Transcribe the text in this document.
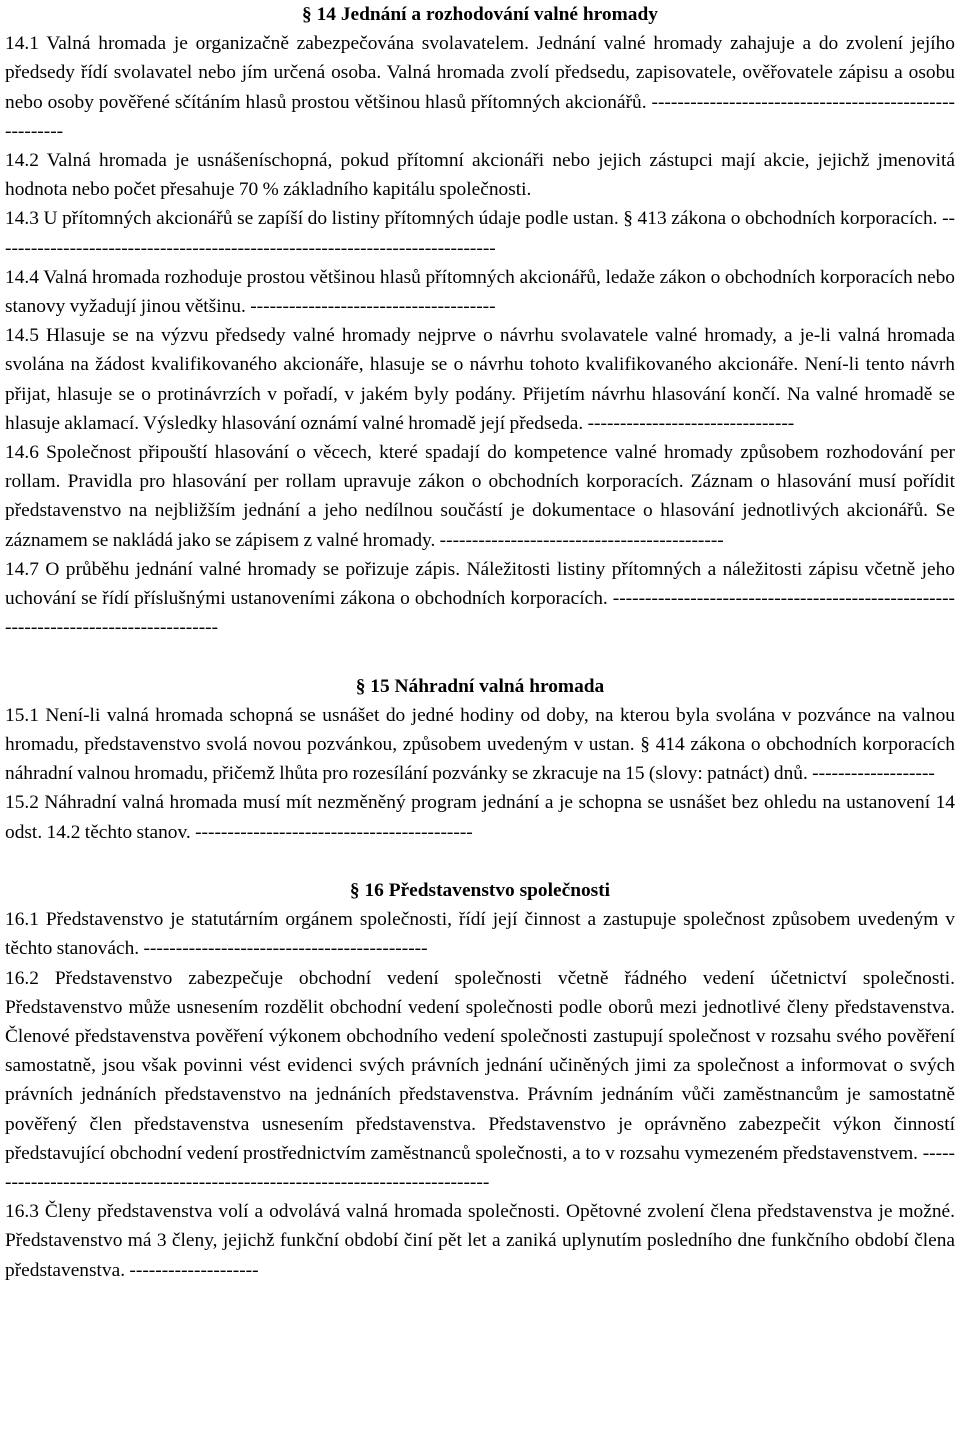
§ 14 Jednání a rozhodování valné hromady
14.1 Valná hromada je organizačně zabezpečována svolavatelem. Jednání valné hromady zahajuje a do zvolení jejího předsedy řídí svolavatel nebo jím určená osoba. Valná hromada zvolí předsedu, zapisovatele, ověřovatele zápisu a osobu nebo osoby pověřené sčítáním hlasů prostou většinou hlasů přítomných akcionářů. --------------------------------------------------------
14.2 Valná hromada je usnášeníschopná, pokud přítomní akcionáři nebo jejich zástupci mají akcie, jejichž jmenovitá hodnota nebo počet přesahuje 70 % základního kapitálu společnosti.
14.3 U přítomných akcionářů se zapíší do listiny přítomných údaje podle ustan. § 413 zákona o obchodních korporacích. ------------------------------------------------------------------------------
14.4 Valná hromada rozhoduje prostou většinou hlasů přítomných akcionářů, ledaže zákon o obchodních korporacích nebo stanovy vyžadují jinou většinu. --------------------------------------
14.5 Hlasuje se na výzvu předsedy valné hromady nejprve o návrhu svolavatele valné hromady, a je-li valná hromada svolána na žádost kvalifikovaného akcionáře, hlasuje se o návrhu tohoto kvalifikovaného akcionáře. Není-li tento návrh přijat, hlasuje se o protinávrzích v pořadí, v jakém byly podány. Přijetím návrhu hlasování končí. Na valné hromadě se hlasuje aklamací. Výsledky hlasování oznámí valné hromadě její předseda. --------------------------------
14.6 Společnost připouští hlasování o věcech, které spadají do kompetence valné hromady způsobem rozhodování per rollam. Pravidla pro hlasování per rollam upravuje zákon o obchodních korporacích. Záznam o hlasování musí pořídit představenstvo na nejbližším jednání a jeho nedílnou součástí je dokumentace o hlasování jednotlivých akcionářů. Se záznamem se nakládá jako se zápisem z valné hromady. --------------------------------------------
14.7 O průběhu jednání valné hromady se pořizuje zápis. Náležitosti listiny přítomných a náležitosti zápisu včetně jeho uchování se řídí příslušnými ustanoveními zákona o obchodních korporacích. --------------------------------------------------------------------------------------
§ 15 Náhradní valná hromada
15.1 Není-li valná hromada schopná se usnášet do jedné hodiny od doby, na kterou byla svolána v pozvánce na valnou hromadu, představenstvo svolá novou pozvánkou, způsobem uvedeným v ustan. § 414 zákona o obchodních korporacích náhradní valnou hromadu, přičemž lhůta pro rozesílání pozvánky se zkracuje na 15 (slovy: patnáct) dnů. -------------------
15.2 Náhradní valná hromada musí mít nezměněný program jednání a je schopna se usnášet bez ohledu na ustanovení 14 odst. 14.2 těchto stanov. -------------------------------------------
§ 16 Představenstvo společnosti
16.1 Představenstvo je statutárním orgánem společnosti, řídí její činnost a zastupuje společnost způsobem uvedeným v těchto stanovách. --------------------------------------------
16.2 Představenstvo zabezpečuje obchodní vedení společnosti včetně řádného vedení účetnictví společnosti. Představenstvo může usnesením rozdělit obchodní vedení společnosti podle oborů mezi jednotlivé členy představenstva. Členové představenstva pověření výkonem obchodního vedení společnosti zastupují společnost v rozsahu svého pověření samostatně, jsou však povinni vést evidenci svých právních jednání učiněných jimi za společnost a informovat o svých právních jednáních představenstvo na jednáních představenstva. Právním jednáním vůči zaměstnancům je samostatně pověřený člen představenstva usnesením představenstva. Představenstvo je oprávněno zabezpečit výkon činností představující obchodní vedení prostřednictvím zaměstnanců společnosti, a to v rozsahu vymezeném představenstvem. --------------------------------------------------------------------------------
16.3 Členy představenstva volí a odvolává valná hromada společnosti. Opětovné zvolení člena představenstva je možné. Představenstvo má 3 členy, jejichž funkční období činí pět let a zaniká uplynutím posledního dne funkčního období člena představenstva. --------------------
